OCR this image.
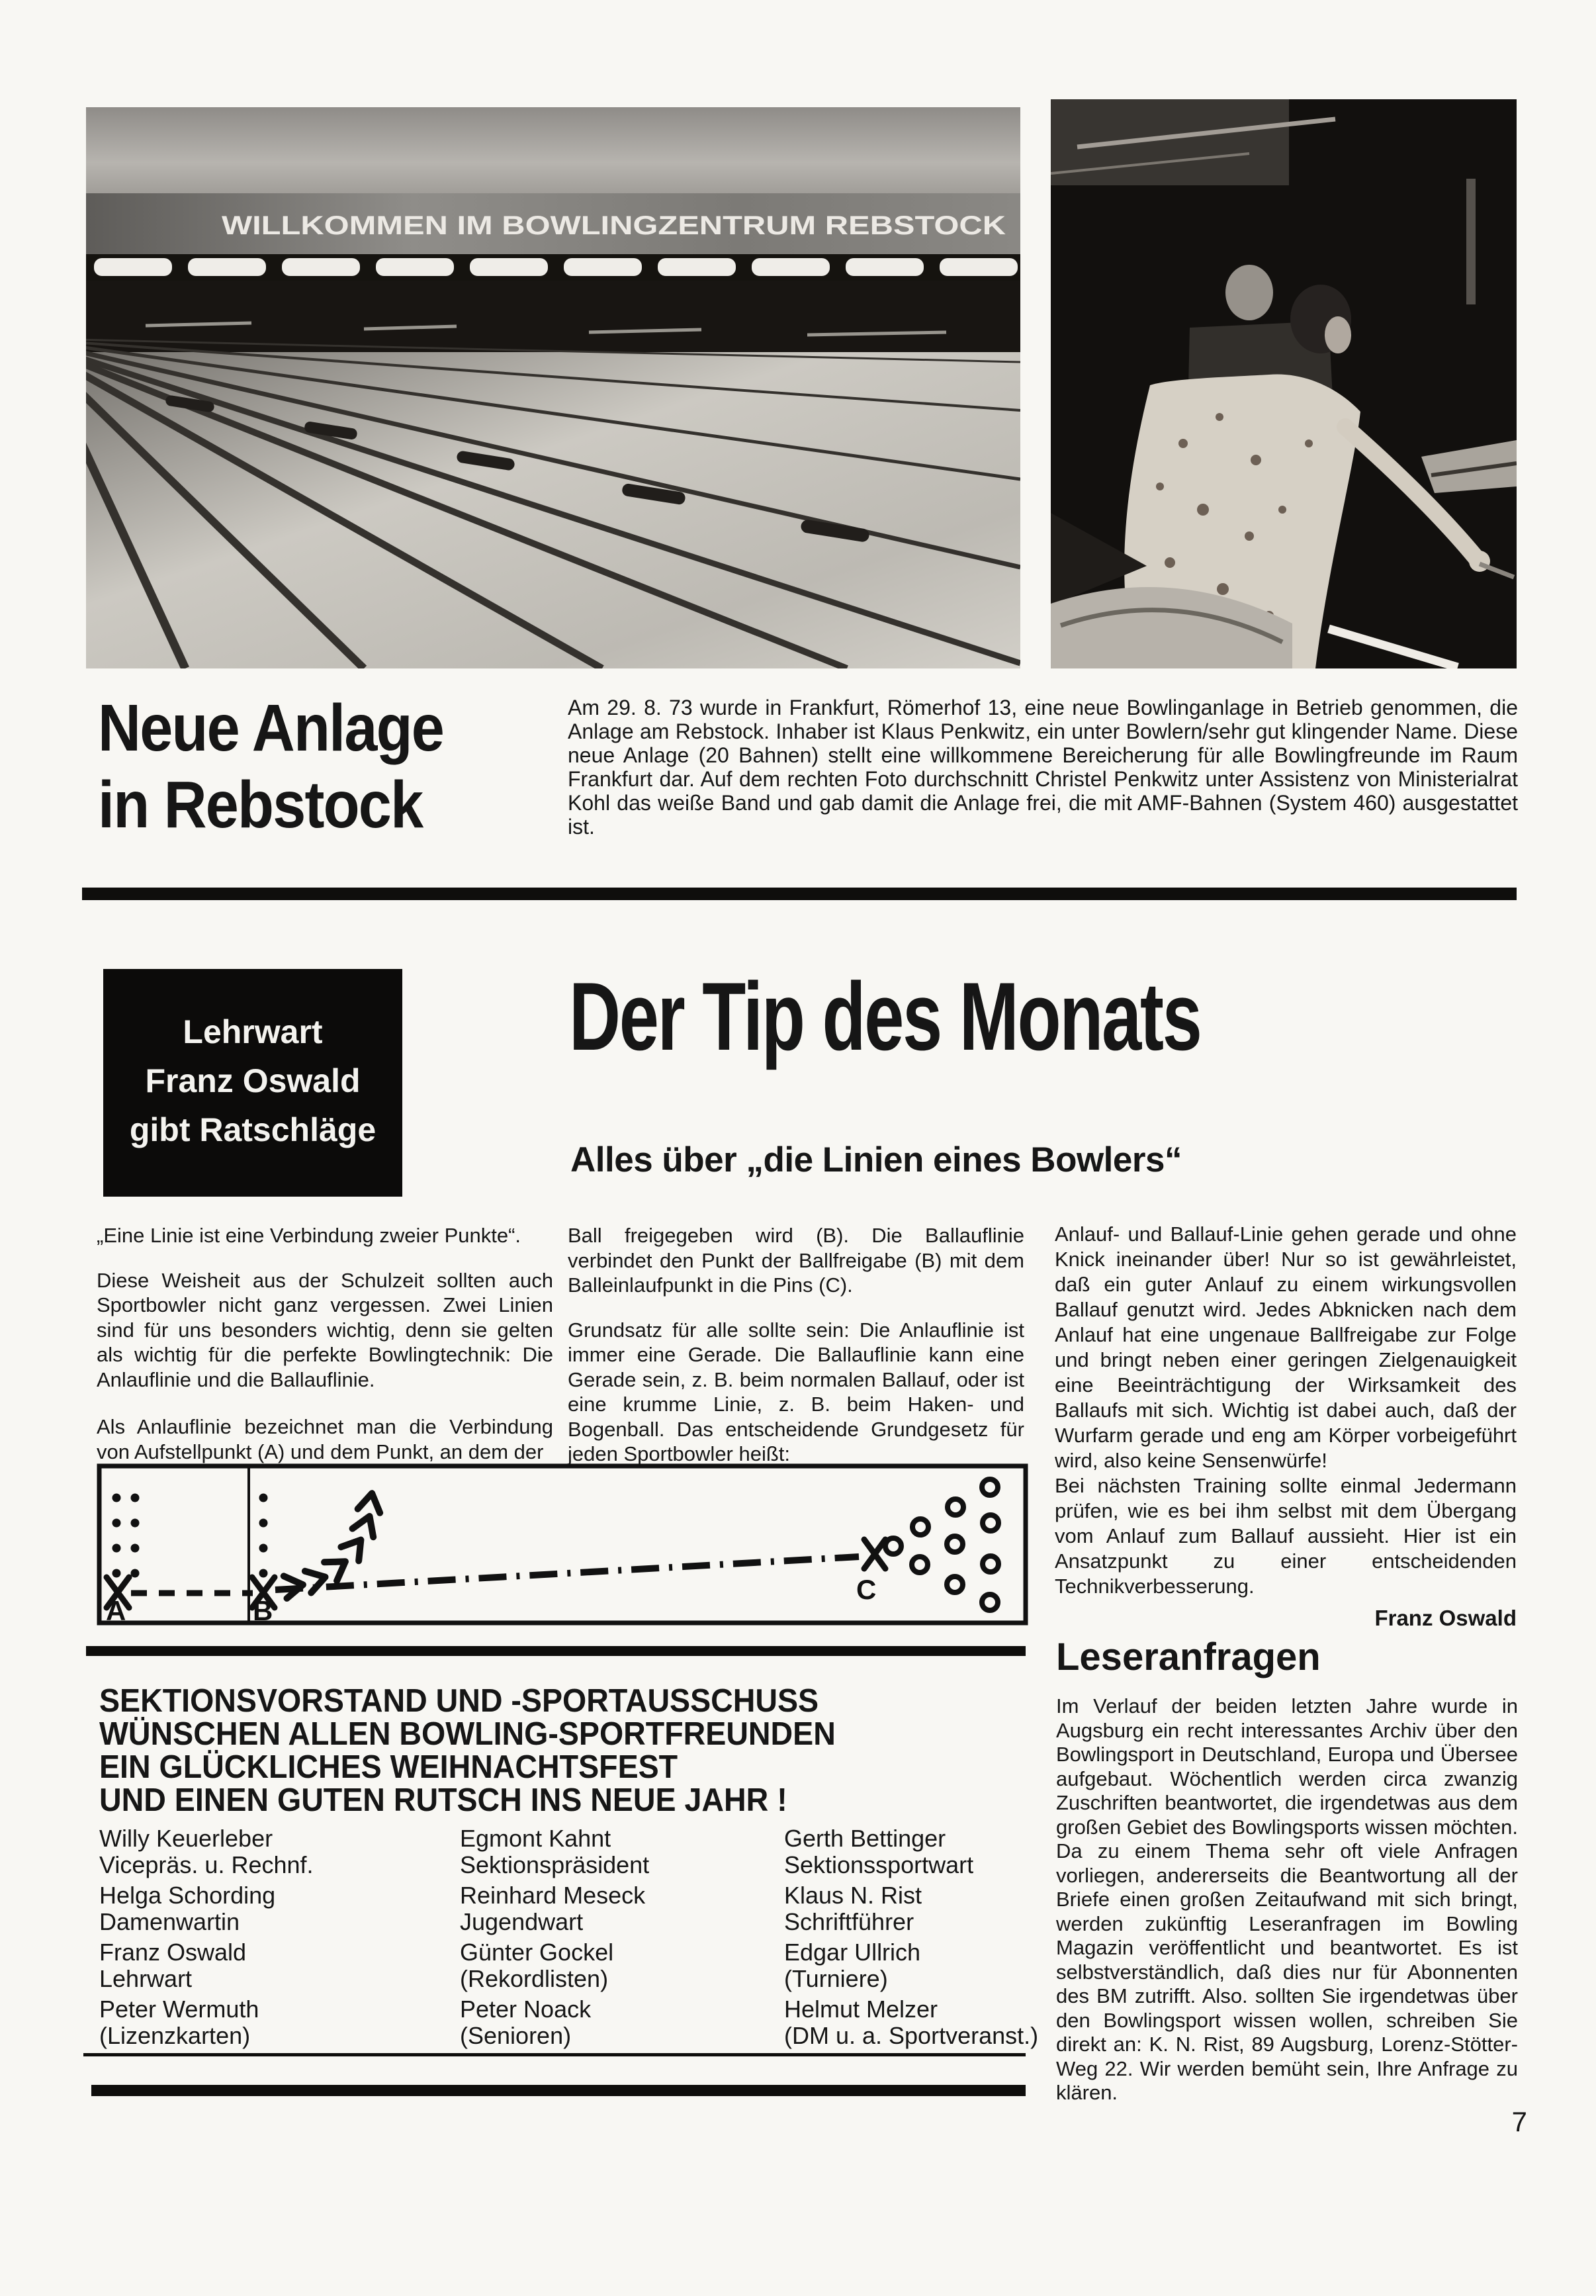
WILLKOMMEN IM BOWLINGZENTRUM REBSTOCK
Neue Anlage
in Rebstock

Am 29. 8. 73 wurde in Frankfurt, Römerhof 13, eine neue Bowlinganlage in Betrieb genommen, die Anlage am Rebstock. Inhaber ist Klaus Penkwitz, ein unter Bowlern/sehr gut klingender Name. Diese neue Anlage (20 Bahnen) stellt eine willkommene Bereicherung für alle Bowlingfreunde im Raum Frankfurt dar. Auf dem rechten Foto durchschnitt Christel Penkwitz unter Assistenz von Ministerialrat Kohl das weiße Band und gab damit die Anlage frei, die mit AMF-Bahnen (System 460) ausgestattet ist.

Lehrwart
Franz Oswald
gibt Ratschläge
Der Tip des Monats
Alles über „die Linien eines Bowlers“

„Eine Linie ist eine Verbindung zweier Punkte“.

Diese Weisheit aus der Schulzeit sollten auch Sportbowler nicht ganz vergessen. Zwei Linien sind für uns besonders wichtig, denn sie gelten als wichtig für die perfekte Bowlingtechnik: Die Anlauflinie und die Ballauflinie.

Als Anlauflinie bezeichnet man die Verbindung von Aufstellpunkt (A) und dem Punkt, an dem der

Ball freigegeben wird (B). Die Ballauflinie verbindet den Punkt der Ballfreigabe (B) mit dem Balleinlaufpunkt in die Pins (C).

Grundsatz für alle sollte sein: Die Anlauflinie ist immer eine Gerade. Die Ballauflinie kann eine Gerade sein, z. B. beim normalen Ballauf, oder ist eine krumme Linie, z. B. beim Haken- und Bogenball. Das entscheidende Grundgesetz für jeden Sportbowler heißt:

Anlauf- und Ballauf-Linie gehen gerade und ohne Knick ineinander über! Nur so ist gewährleistet, daß ein guter Anlauf zu einem wirkungsvollen Ballauf genutzt wird. Jedes Abknicken nach dem Anlauf hat eine ungenaue Ballfreigabe zur Folge und bringt neben einer geringen Zielgenauigkeit eine Beeinträchtigung der Wirksamkeit des Ballaufs mit sich. Wichtig ist dabei auch, daß der Wurfarm gerade und eng am Körper vorbeigeführt wird, also keine Sensenwürfe!

Bei nächsten Training sollte einmal Jedermann prüfen, wie es bei ihm selbst mit dem Übergang vom Anlauf zum Ballauf aussieht. Hier ist ein Ansatzpunkt zu einer entscheidenden Technikverbesserung.

Franz Oswald
A	B
C
SEKTIONSVORSTAND UND -SPORTAUSSCHUSS
WÜNSCHEN ALLEN BOWLING-SPORTFREUNDEN
EIN GLÜCKLICHES WEIHNACHTSFEST
UND EINEN GUTEN RUTSCH INS NEUE JAHR !
Willy Keuerleber
Vicepräs. u. Rechnf.
Egmont Kahnt
Sektionspräsident
Gerth Bettinger
Sektionssportwart
Helga Schording
Damenwartin
Reinhard Meseck
Jugendwart
Klaus N. Rist
Schriftführer
Franz Oswald
Lehrwart
Günter Gockel
(Rekordlisten)
Edgar Ullrich
(Turniere)
Peter Wermuth
(Lizenzkarten)
Peter Noack
(Senioren)
Helmut Melzer
(DM u. a. Sportveranst.)
Leseranfragen

Im Verlauf der beiden letzten Jahre wurde in Augsburg ein recht interessantes Archiv über den Bowlingsport in Deutschland, Europa und Übersee aufgebaut. Wöchentlich werden circa zwanzig Zuschriften beantwortet, die irgendetwas aus dem großen Gebiet des Bowlingsports wissen möchten. Da zu einem Thema sehr oft viele Anfragen vorliegen, andererseits die Beantwortung all der Briefe einen großen Zeitaufwand mit sich bringt, werden zukünftig Leseranfragen im Bowling Magazin veröffentlicht und beantwortet. Es ist selbstverständlich, daß dies nur für Abonnenten des BM zutrifft. Also. sollten Sie irgendetwas über den Bowlingsport wissen wollen, schreiben Sie direkt an: K. N. Rist, 89 Augsburg, Lorenz-Stötter-Weg 22. Wir werden bemüht sein, Ihre Anfrage zu klären.

7
